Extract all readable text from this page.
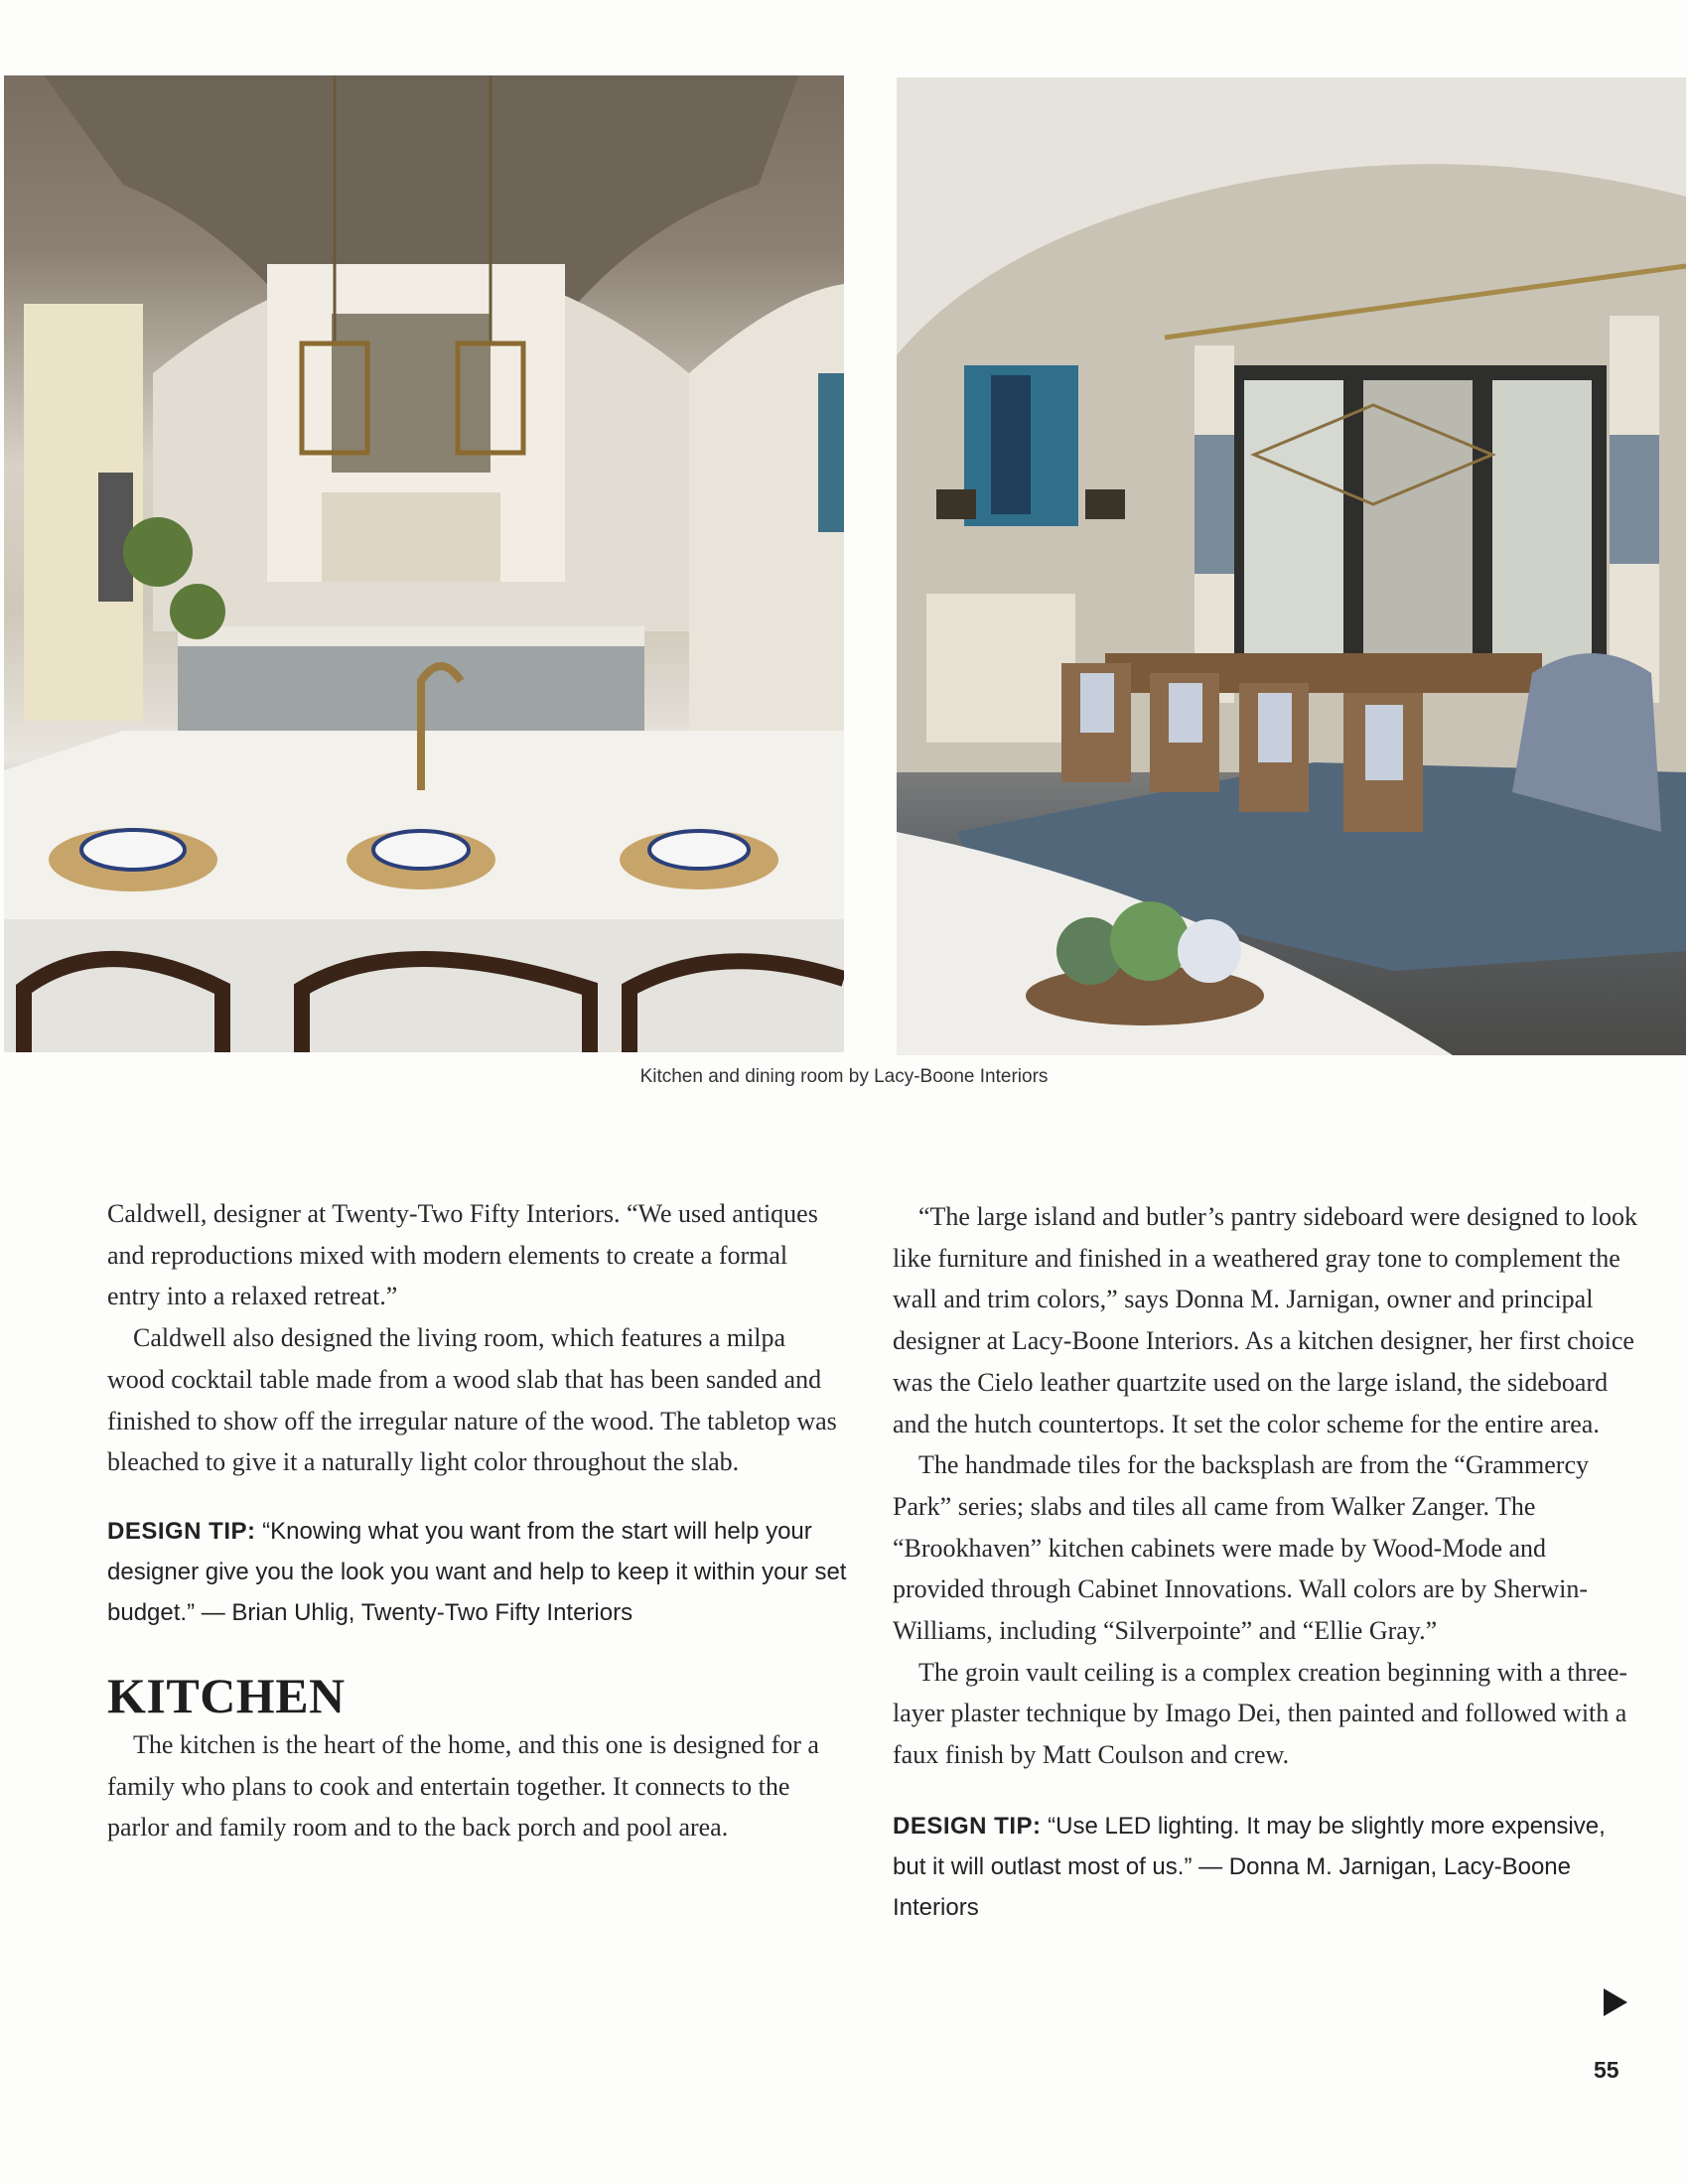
Kitchen and dining room by Lacy-Boone Interiors

Caldwell, designer at Twenty-Two Fifty Interiors. “We used antiques and reproductions mixed with modern elements to create a formal entry into a relaxed retreat.”

Caldwell also designed the living room, which features a milpa wood cocktail table made from a wood slab that has been sanded and finished to show off the irregular nature of the wood. The tabletop was bleached to give it a naturally light color throughout the slab.

DESIGN TIP: “Knowing what you want from the start will help your designer give you the look you want and help to keep it within your set budget.” — Brian Uhlig, Twenty-Two Fifty Interiors

KITCHEN

The kitchen is the heart of the home, and this one is designed for a family who plans to cook and entertain together. It connects to the parlor and family room and to the back porch and pool area.

“The large island and butler’s pantry sideboard were designed to look like furniture and finished in a weathered gray tone to complement the wall and trim colors,” says Donna M. Jarnigan, owner and principal designer at Lacy-Boone Interiors. As a kitchen designer, her first choice was the Cielo leather quartzite used on the large island, the sideboard and the hutch countertops. It set the color scheme for the entire area.

The handmade tiles for the backsplash are from the “Grammercy Park” series; slabs and tiles all came from Walker Zanger. The “Brookhaven” kitchen cabinets were made by Wood-Mode and provided through Cabinet Innovations. Wall colors are by Sherwin-Williams, including “Silverpointe” and “Ellie Gray.”

The groin vault ceiling is a complex creation beginning with a three-layer plaster technique by Imago Dei, then painted and followed with a faux finish by Matt Coulson and crew.

DESIGN TIP: “Use LED lighting. It may be slightly more expensive, but it will outlast most of us.” — Donna M. Jarnigan, Lacy-Boone Interiors

55
